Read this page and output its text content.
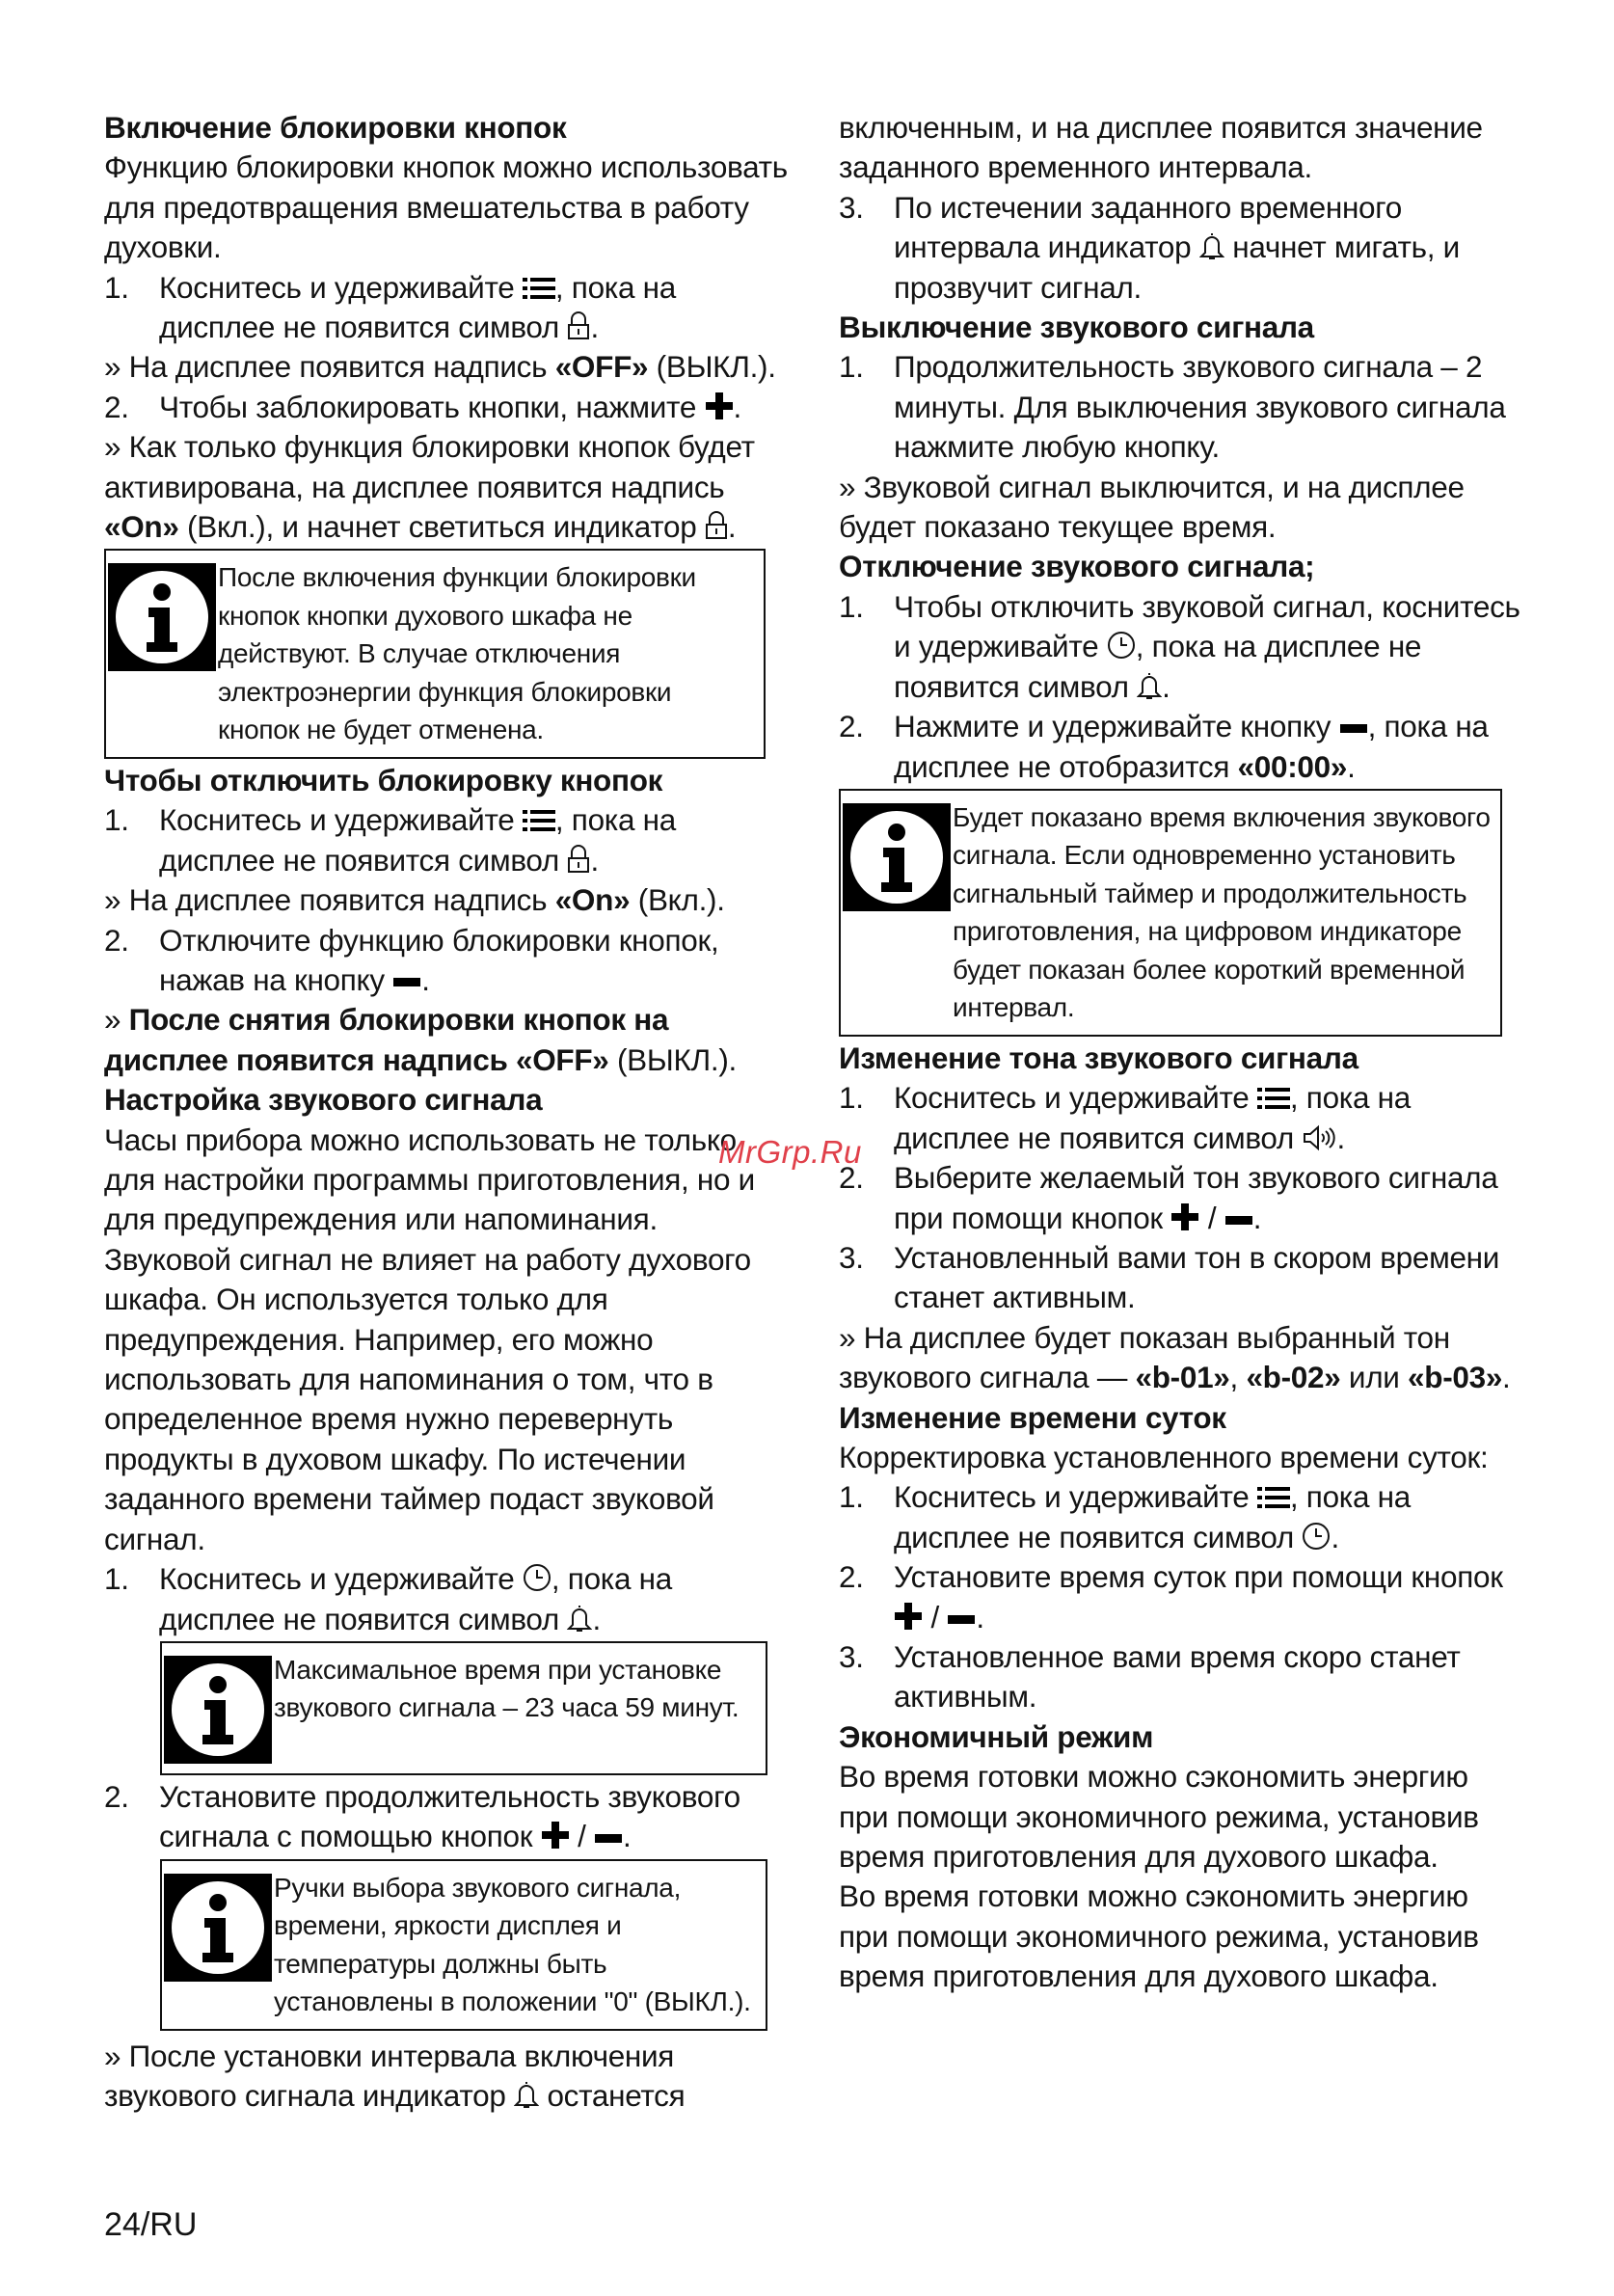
Включение блокировки кнопок

Функцию блокировки кнопок можно использовать для предотвращения вмешательства в работу духовки.

1. Коснитесь и удерживайте , пока на дисплее не появится символ .
» На дисплее появится надпись «OFF» (ВЫКЛ.).
2. Чтобы заблокировать кнопки, нажмите .
» Как только функция блокировки кнопок будет активирована, на дисплее появится надпись «On» (Вкл.), и начнет светиться индикатор .
После включения функции блокировки кнопок кнопки духового шкафа не действуют. В случае отключения электроэнергии функция блокировки кнопок не будет отменена.
Чтобы отключить блокировку кнопок
1. Коснитесь и удерживайте , пока на дисплее не появится символ .
» На дисплее появится надпись «On» (Вкл.).
2. Отключите функцию блокировки кнопок, нажав на кнопку .
» После снятия блокировки кнопок на дисплее появится надпись «OFF» (ВЫКЛ.).
Настройка звукового сигнала

Часы прибора можно использовать не только для настройки программы приготовления, но и для предупреждения или напоминания.

Звуковой сигнал не влияет на работу духового шкафа. Он используется только для предупреждения. Например, его можно использовать для напоминания о том, что в определенное время нужно перевернуть продукты в духовом шкафу. По истечении заданного времени таймер подаст звуковой сигнал.

1. Коснитесь и удерживайте , пока на дисплее не появится символ .
Максимальное время при установке звукового сигнала – 23 часа 59 минут.
2. Установите продолжительность звукового сигнала с помощью кнопок / .
Ручки выбора звукового сигнала, времени, яркости дисплея и температуры должны быть установлены в положении "0" (ВЫКЛ.).
» После установки интервала включения звукового сигнала индикатор останется

включенным, и на дисплее появится значение заданного временного интервала.

3. По истечении заданного временного интервала индикатор начнет мигать, и прозвучит сигнал.
Выключение звукового сигнала
1. Продолжительность звукового сигнала – 2 минуты. Для выключения звукового сигнала нажмите любую кнопку.
» Звуковой сигнал выключится, и на дисплее будет показано текущее время.
Отключение звукового сигнала;
1. Чтобы отключить звуковой сигнал, коснитесь и удерживайте , пока на дисплее не появится символ .
2. Нажмите и удерживайте кнопку , пока на дисплее не отобразится «00:00».
Будет показано время включения звукового сигнала. Если одновременно установить сигнальный таймер и продолжительность приготовления, на цифровом индикаторе будет показан более короткий временной интервал.
Изменение тона звукового сигнала
1. Коснитесь и удерживайте , пока на дисплее не появится символ .
2. Выберите желаемый тон звукового сигнала при помощи кнопок / .
3. Установленный вами тон в скором времени станет активным.
» На дисплее будет показан выбранный тон звукового сигнала — «b-01», «b-02» или «b-03».
Изменение времени суток

Корректировка установленного времени суток:

1. Коснитесь и удерживайте , пока на дисплее не появится символ .
2. Установите время суток при помощи кнопок
/ .
3. Установленное вами время скоро станет активным.
Экономичный режим

Во время готовки можно сэкономить энергию при помощи экономичного режима, установив время приготовления для духового шкафа.

Во время готовки можно сэкономить энергию при помощи экономичного режима, установив время приготовления для духового шкафа.

MrGrp.Ru
24/RU
